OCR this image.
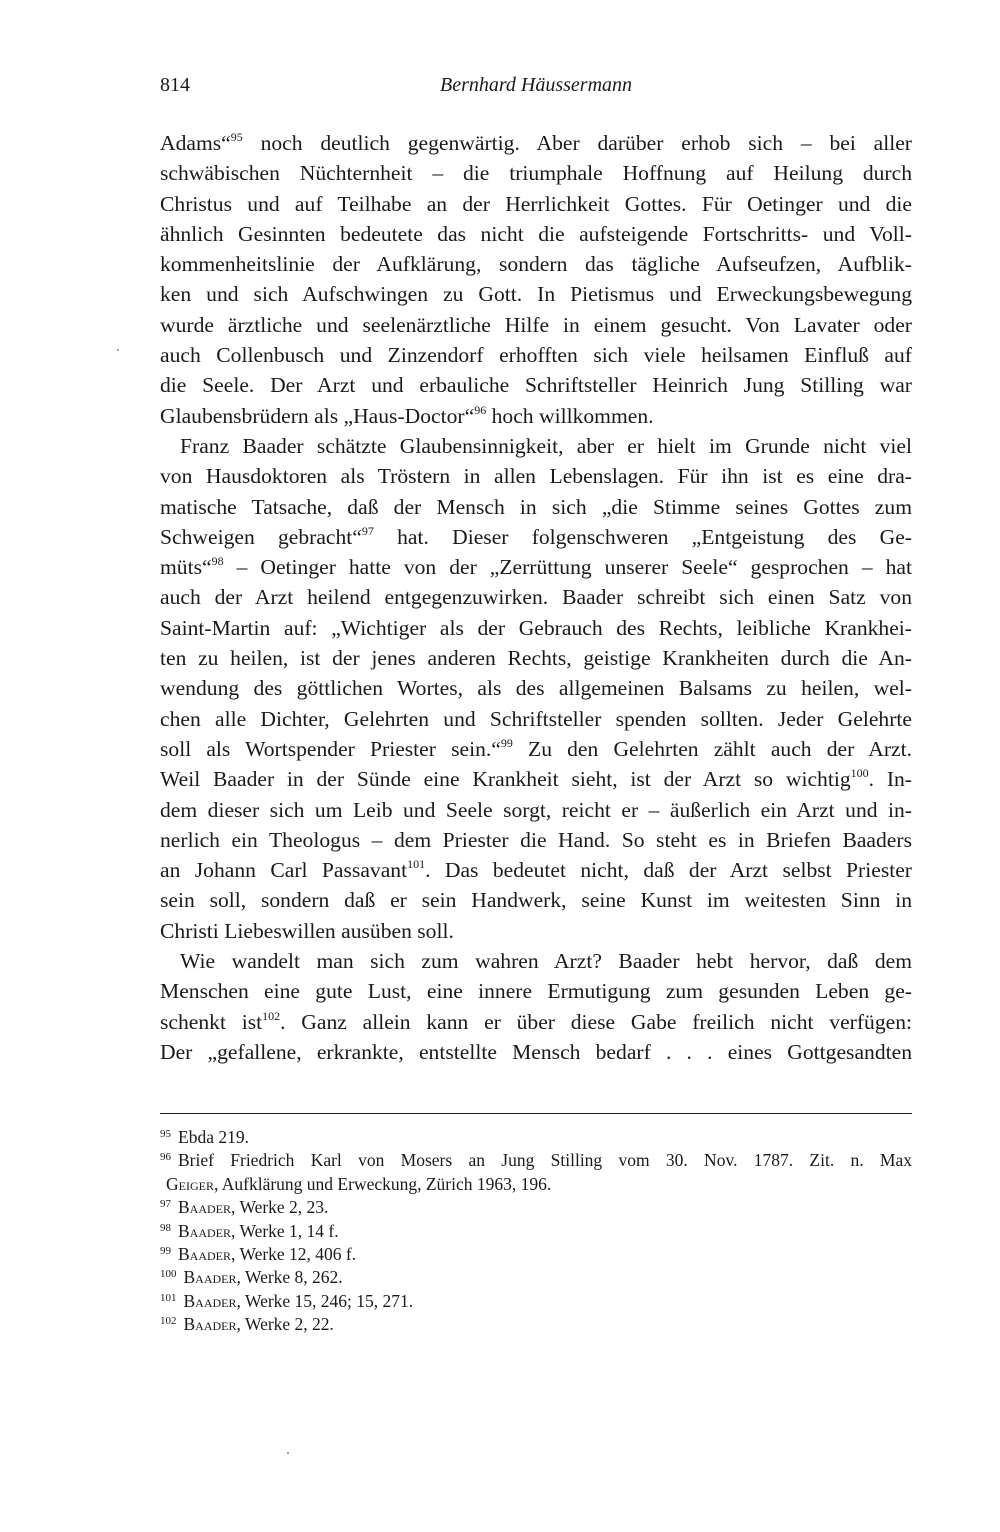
814	Bernhard Häussermann
Adams“$^{95}$ noch deutlich gegenwärtig. Aber darüber erhob sich – bei aller
schwäbischen Nüchternheit – die triumphale Hoffnung auf Heilung durch
Christus und auf Teilhabe an der Herrlichkeit Gottes. Für Oetinger und die
ähnlich Gesinnten bedeutete das nicht die aufsteigende Fortschritts- und Voll-
kommenheitslinie der Aufklärung, sondern das tägliche Aufseufzen, Aufblik-
ken und sich Aufschwingen zu Gott. In Pietismus und Erweckungsbewegung
wurde ärztliche und seelenärztliche Hilfe in einem gesucht. Von Lavater oder
auch Collenbusch und Zinzendorf erhofften sich viele heilsamen Einfluß auf
die Seele. Der Arzt und erbauliche Schriftsteller Heinrich Jung Stilling war
Glaubensbrüdern als „Haus-Doctor“$^{96}$ hoch willkommen.
Franz Baader schätzte Glaubensinnigkeit, aber er hielt im Grunde nicht viel
von Hausdoktoren als Tröstern in allen Lebenslagen. Für ihn ist es eine dra-
matische Tatsache, daß der Mensch in sich „die Stimme seines Gottes zum
Schweigen gebracht“$^{97}$ hat. Dieser folgenschweren „Entgeistung des Ge-
müts“$^{98}$ – Oetinger hatte von der „Zerrüttung unserer Seele“ gesprochen – hat
auch der Arzt heilend entgegenzuwirken. Baader schreibt sich einen Satz von
Saint-Martin auf: „Wichtiger als der Gebrauch des Rechts, leibliche Krankhei-
ten zu heilen, ist der jenes anderen Rechts, geistige Krankheiten durch die An-
wendung des göttlichen Wortes, als des allgemeinen Balsams zu heilen, wel-
chen alle Dichter, Gelehrten und Schriftsteller spenden sollten. Jeder Gelehrte
soll als Wortspender Priester sein.“$^{99}$ Zu den Gelehrten zählt auch der Arzt.
Weil Baader in der Sünde eine Krankheit sieht, ist der Arzt so wichtig$^{100}$. In-
dem dieser sich um Leib und Seele sorgt, reicht er – äußerlich ein Arzt und in-
nerlich ein Theologus – dem Priester die Hand. So steht es in Briefen Baaders
an Johann Carl Passavant$^{101}$. Das bedeutet nicht, daß der Arzt selbst Priester
sein soll, sondern daß er sein Handwerk, seine Kunst im weitesten Sinn in
Christi Liebeswillen ausüben soll.
Wie wandelt man sich zum wahren Arzt? Baader hebt hervor, daß dem
Menschen eine gute Lust, eine innere Ermutigung zum gesunden Leben ge-
schenkt ist$^{102}$. Ganz allein kann er über diese Gabe freilich nicht verfügen:
Der „gefallene, erkrankte, entstellte Mensch bedarf . . . eines Gottgesandten
$^{95}$ Ebda 219.
$^{96}$ Brief Friedrich Karl von Mosers an Jung Stilling vom 30. Nov. 1787. Zit. n. Max
Geiger, Aufklärung und Erweckung, Zürich 1963, 196.
$^{97}$ Baader, Werke 2, 23.
$^{98}$ Baader, Werke 1, 14 f.
$^{99}$ Baader, Werke 12, 406 f.
$^{100}$ Baader, Werke 8, 262.
$^{101}$ Baader, Werke 15, 246; 15, 271.
$^{102}$ Baader, Werke 2, 22.
